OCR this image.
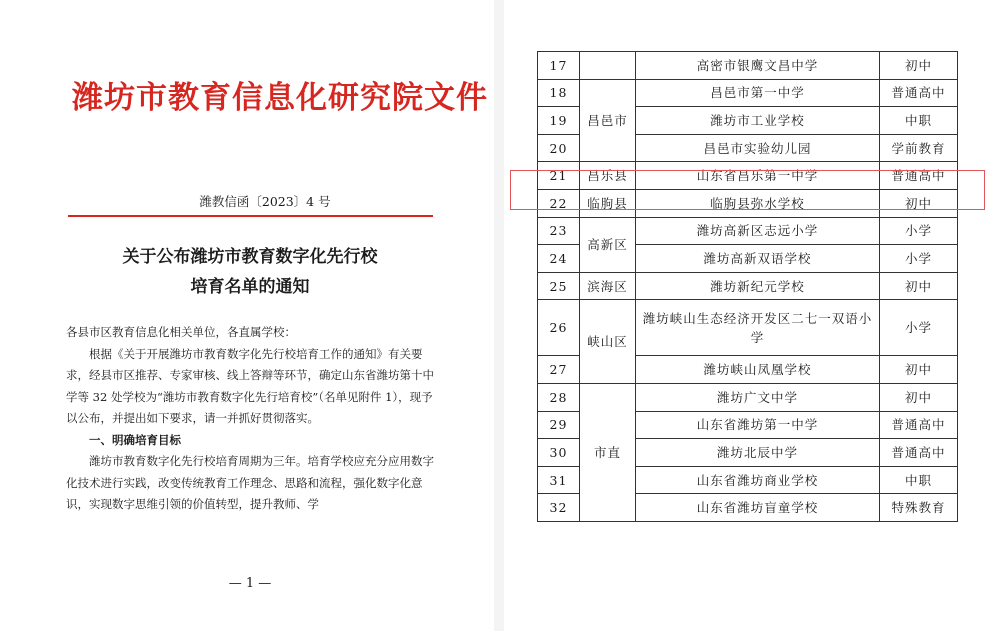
潍坊市教育信息化研究院文件
潍教信函〔2023〕4 号
关于公布潍坊市教育数字化先行校
培育名单的通知

各县市区教育信息化相关单位，各直属学校：

根据《关于开展潍坊市教育数字化先行校培育工作的通知》有关要求，经县市区推荐、专家审核、线上答辩等环节，确定山东省潍坊第十中学等 32 处学校为“潍坊市教育数字化先行培育校”（名单见附件 1），现予以公布，并提出如下要求，请一并抓好贯彻落实。

一、明确培育目标

潍坊市教育数字化先行校培育周期为三年。培育学校应充分应用数字化技术进行实践，改变传统教育工作理念、思路和流程，强化数字化意识，实现数字思维引领的价值转型，提升教师、学

— 1 —
17		高密市银鹰文昌中学	初中
18	昌邑市	昌邑市第一中学	普通高中
19		潍坊市工业学校	中职
20		昌邑市实验幼儿园	学前教育
21	昌乐县	山东省昌乐第一中学	普通高中
22	临朐县	临朐县弥水学校	初中
23	高新区	潍坊高新区志远小学	小学
24		潍坊高新双语学校	小学
25	滨海区	潍坊新纪元学校	初中
26	峡山区	潍坊峡山生态经济开发区二七一双语小学	小学
27		潍坊峡山凤凰学校	初中
28	市直	潍坊广文中学	初中
29		山东省潍坊第一中学	普通高中
30		潍坊北辰中学	普通高中
31		山东省潍坊商业学校	中职
32		山东省潍坊盲童学校	特殊教育
